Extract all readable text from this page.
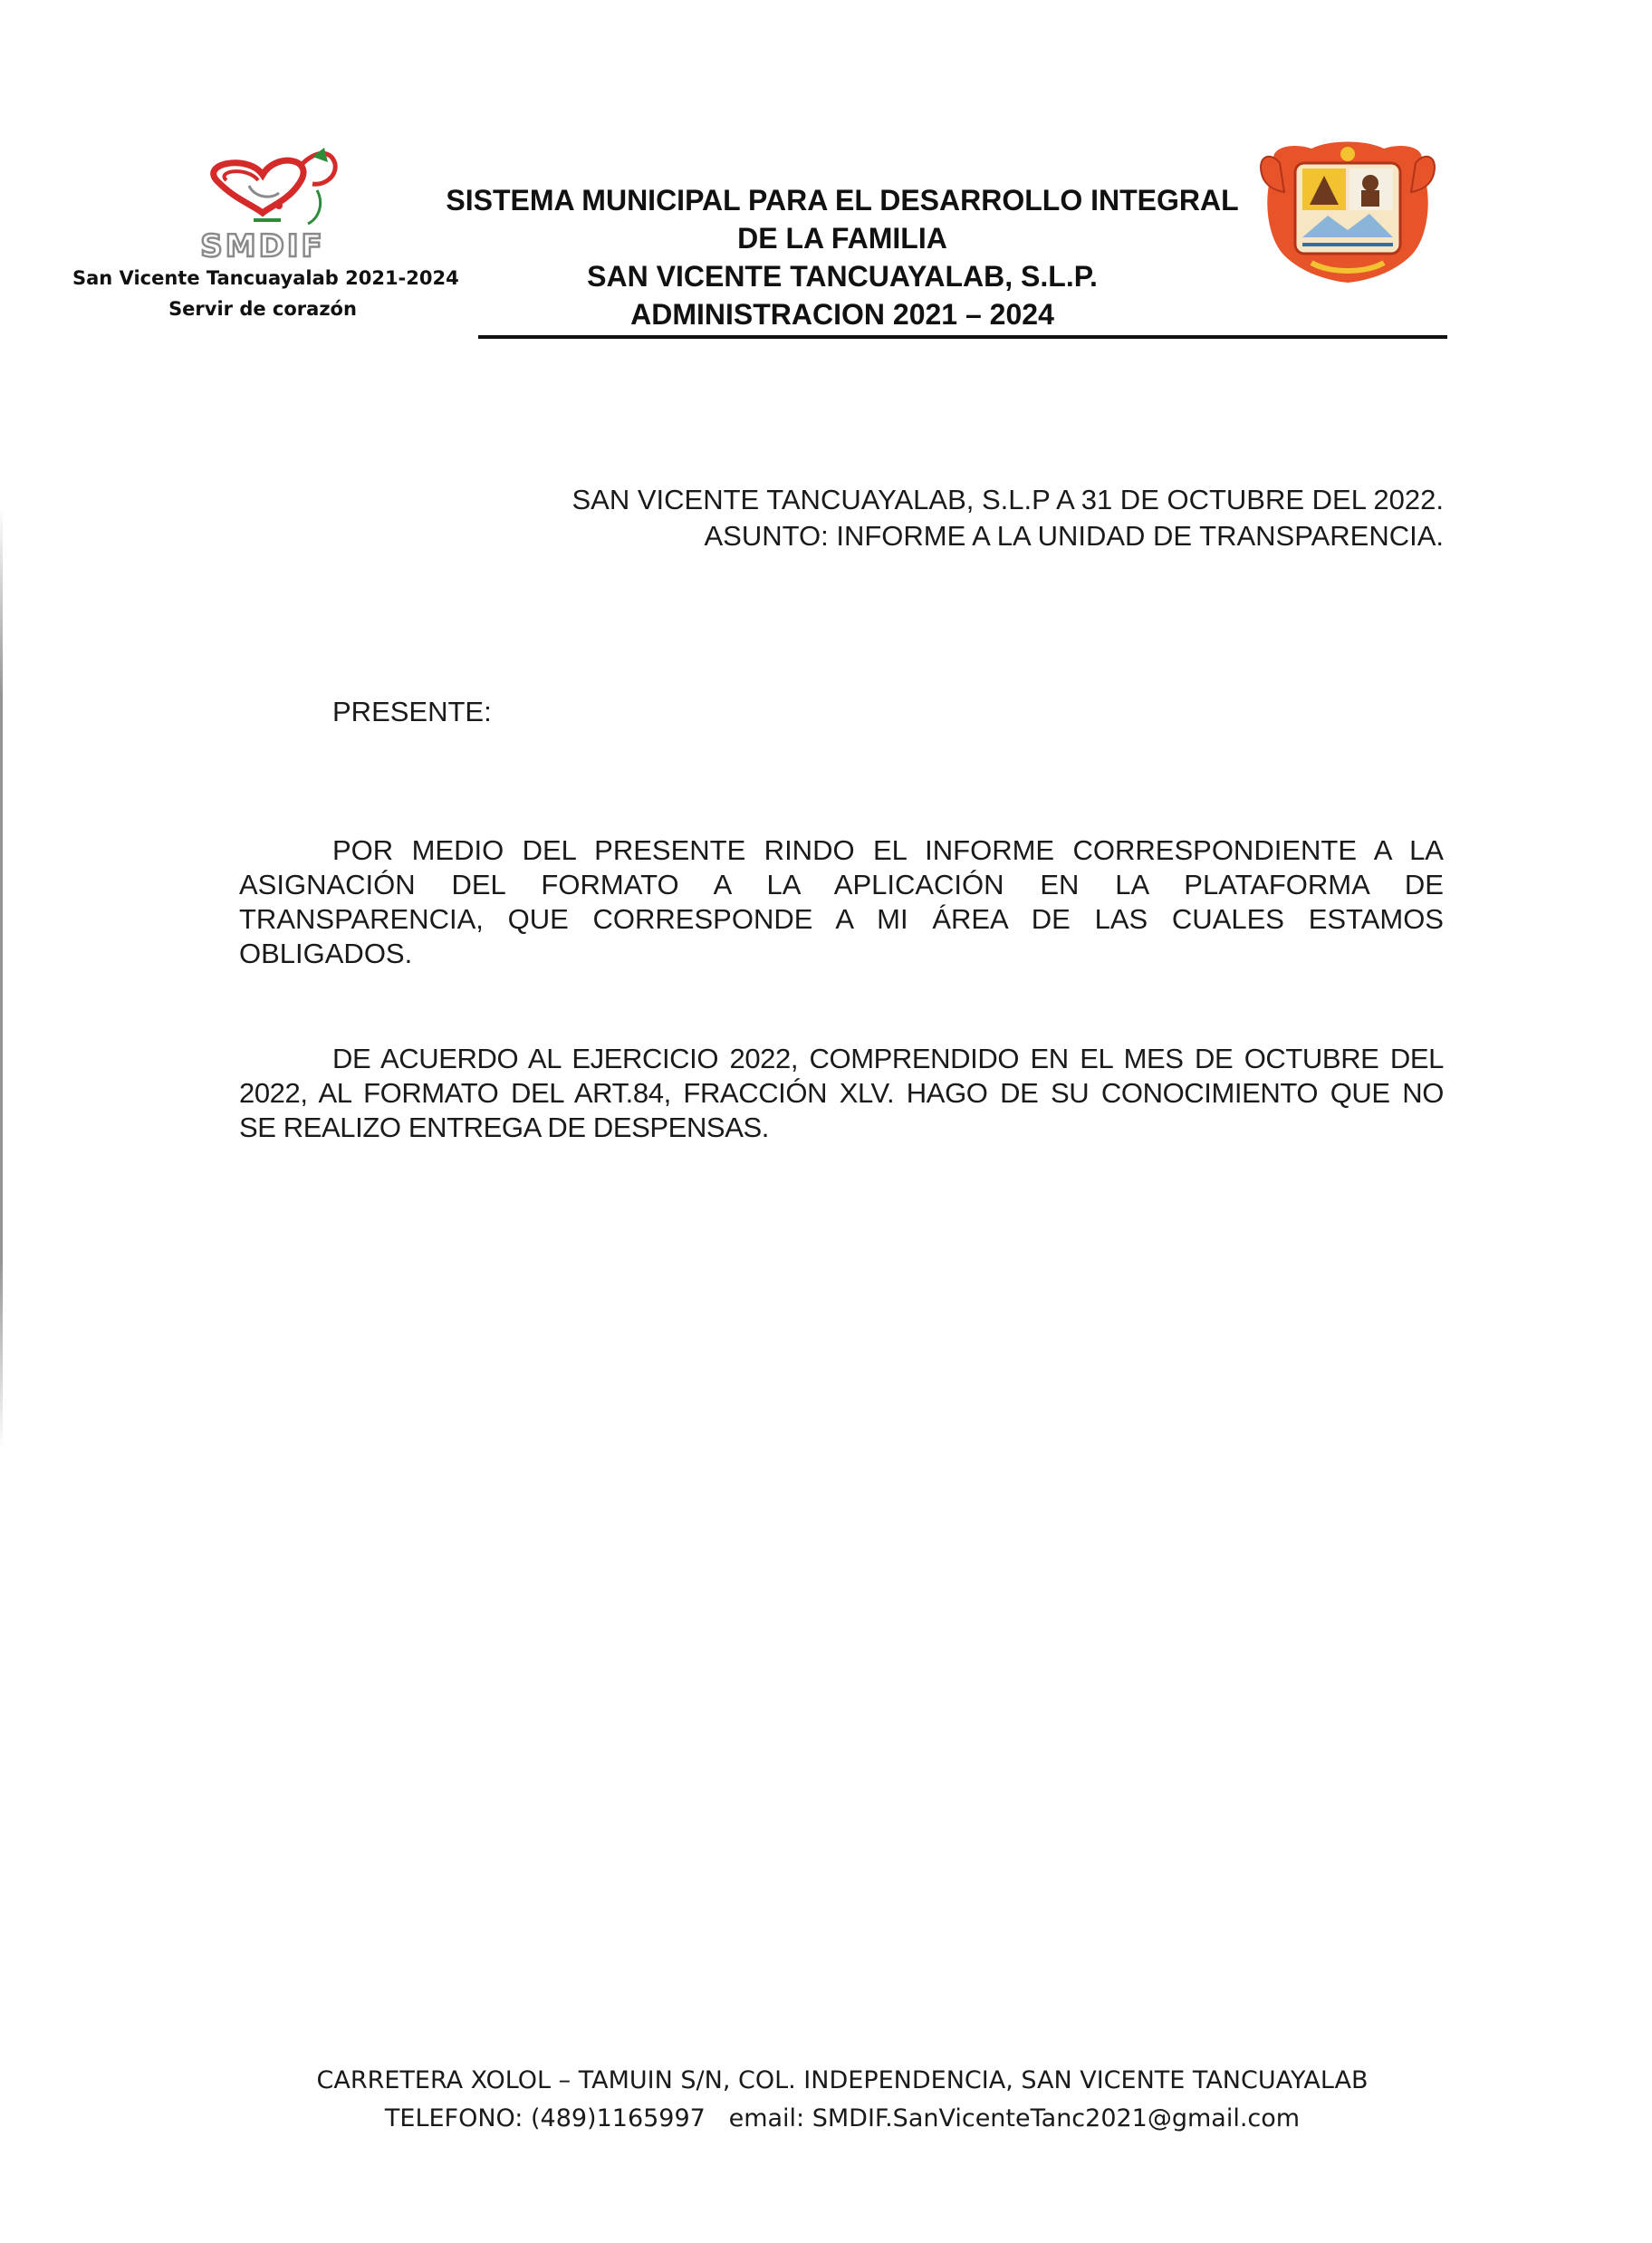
SMDIF
San Vicente Tancuayalab 2021-2024
Servir de corazón
SISTEMA MUNICIPAL PARA EL DESARROLLO INTEGRAL
DE LA FAMILIA
SAN VICENTE TANCUAYALAB, S.L.P.
ADMINISTRACION 2021 – 2024
SAN VICENTE TANCUAYALAB, S.L.P A 31 DE OCTUBRE DEL 2022.
ASUNTO: INFORME A LA UNIDAD DE TRANSPARENCIA.
PRESENTE:
POR MEDIO DEL PRESENTE RINDO EL INFORME CORRESPONDIENTE A LA
ASIGNACIÓN DEL FORMATO A LA APLICACIÓN EN LA PLATAFORMA DE
TRANSPARENCIA, QUE CORRESPONDE A MI ÁREA DE LAS CUALES ESTAMOS
OBLIGADOS.
DE ACUERDO AL EJERCICIO 2022, COMPRENDIDO EN EL MES DE OCTUBRE DEL
2022, AL FORMATO DEL ART.84, FRACCIÓN XLV. HAGO DE SU CONOCIMIENTO QUE NO
SE REALIZO ENTREGA DE DESPENSAS.
CARRETERA XOLOL – TAMUIN S/N, COL. INDEPENDENCIA, SAN VICENTE TANCUAYALAB
TELEFONO: (489)1165997   email: SMDIF.SanVicenteTanc2021@gmail.com
